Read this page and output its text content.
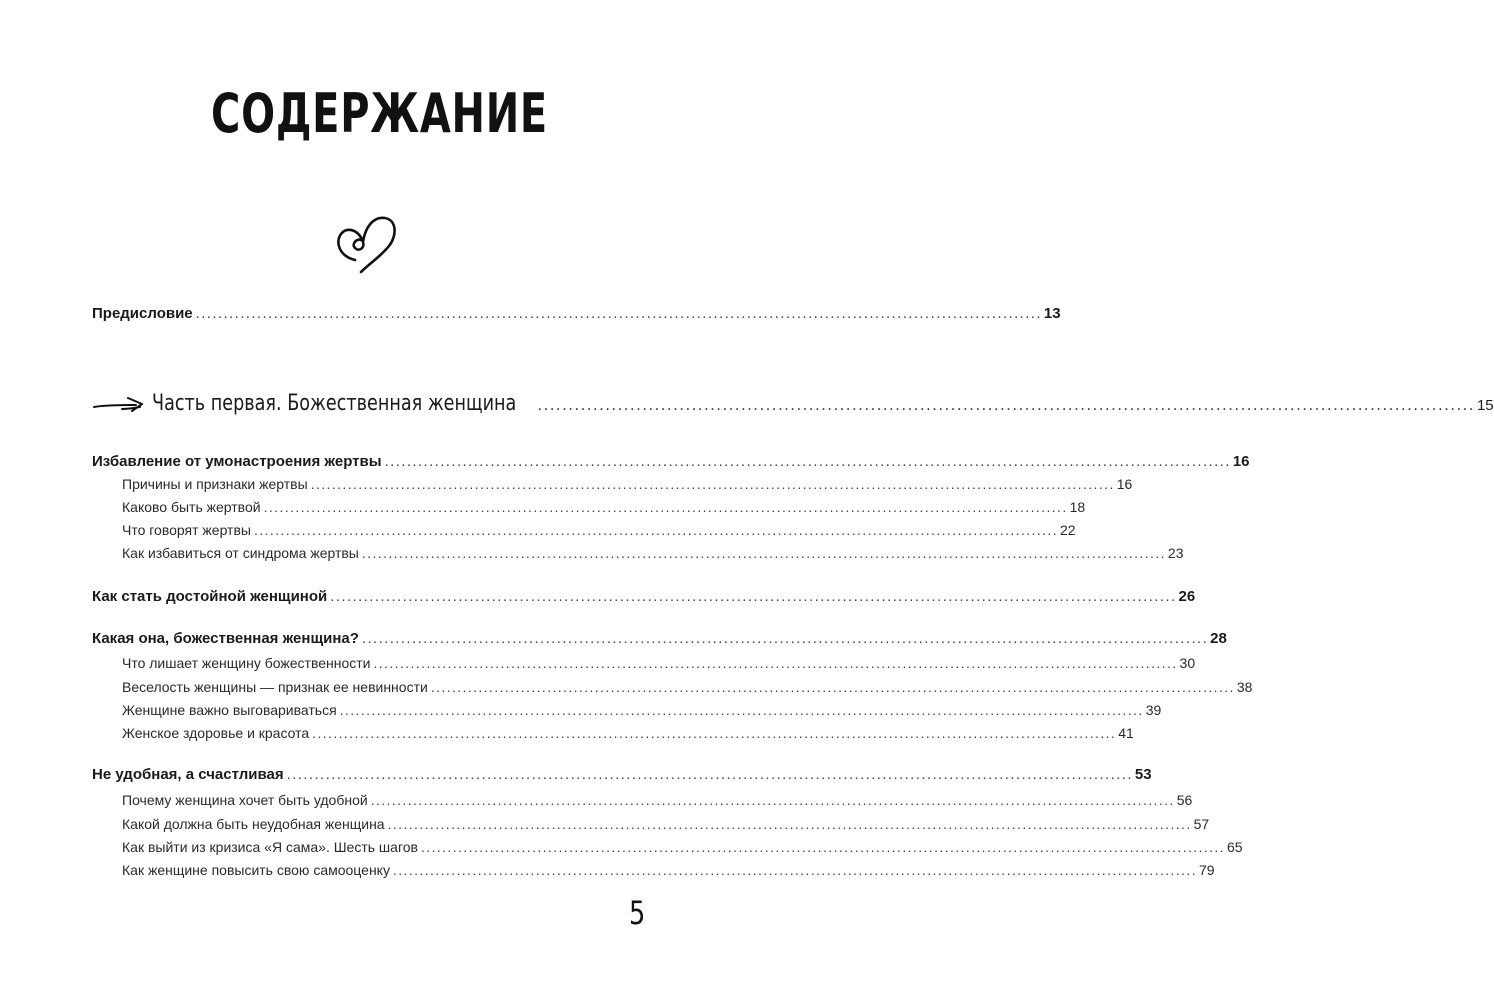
СОДЕРЖАНИЕ
Предисловие ........................................................................................................................................................ 13
Часть первая. Божественная женщина ........................................................................................................................................................ 15
Избавление от умонастроения жертвы ........................................................................................................................................................ 16
Причины и признаки жертвы ........................................................................................................................................................ 16
Каково быть жертвой ........................................................................................................................................................ 18
Что говорят жертвы ........................................................................................................................................................ 22
Как избавиться от синдрома жертвы ........................................................................................................................................................ 23
Как стать достойной женщиной ........................................................................................................................................................ 26
Какая она, божественная женщина? ........................................................................................................................................................ 28
Что лишает женщину божественности ........................................................................................................................................................ 30
Веселость женщины — признак ее невинности ........................................................................................................................................................ 38
Женщине важно выговариваться ........................................................................................................................................................ 39
Женское здоровье и красота ........................................................................................................................................................ 41
Не удобная, а счастливая ........................................................................................................................................................ 53
Почему женщина хочет быть удобной ........................................................................................................................................................ 56
Какой должна быть неудобная женщина ........................................................................................................................................................ 57
Как выйти из кризиса «Я сама». Шесть шагов ........................................................................................................................................................ 65
Как женщине повысить свою самооценку ........................................................................................................................................................ 79
5
